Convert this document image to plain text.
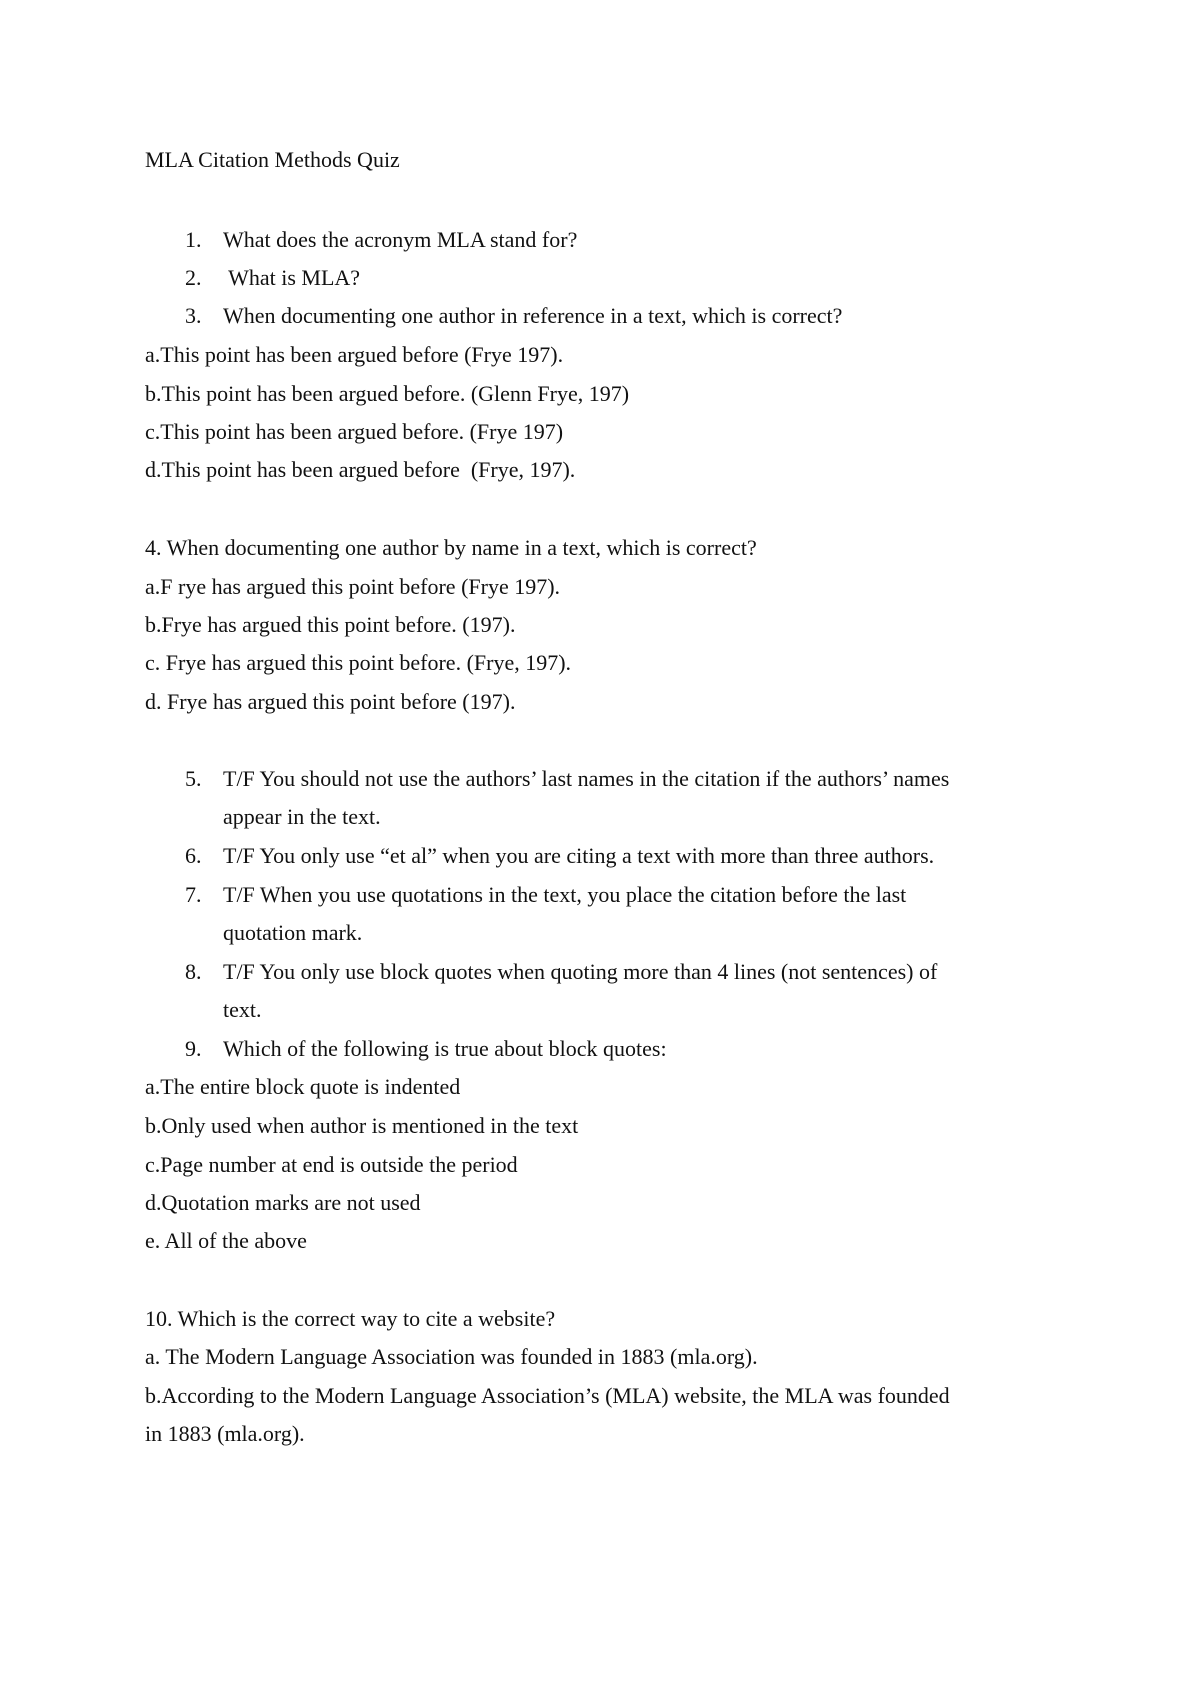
MLA Citation Methods Quiz
1. What does the acronym MLA stand for?
2. What is MLA?
3. When documenting one author in reference in a text, which is correct?
a.This point has been argued before (Frye 197).
b.This point has been argued before. (Glenn Frye, 197)
c.This point has been argued before. (Frye 197)
d.This point has been argued before  (Frye, 197).
4. When documenting one author by name in a text, which is correct?
a.F rye has argued this point before (Frye 197).
b.Frye has argued this point before. (197).
c. Frye has argued this point before. (Frye, 197).
d. Frye has argued this point before (197).
5. T/F You should not use the authors’ last names in the citation if the authors’ names
appear in the text.
6. T/F You only use “et al” when you are citing a text with more than three authors.
7. T/F When you use quotations in the text, you place the citation before the last
quotation mark.
8. T/F You only use block quotes when quoting more than 4 lines (not sentences) of
text.
9. Which of the following is true about block quotes:
a.The entire block quote is indented
b.Only used when author is mentioned in the text
c.Page number at end is outside the period
d.Quotation marks are not used
e. All of the above
10. Which is the correct way to cite a website?
a. The Modern Language Association was founded in 1883 (mla.org).
b.According to the Modern Language Association’s (MLA) website, the MLA was founded
in 1883 (mla.org).
